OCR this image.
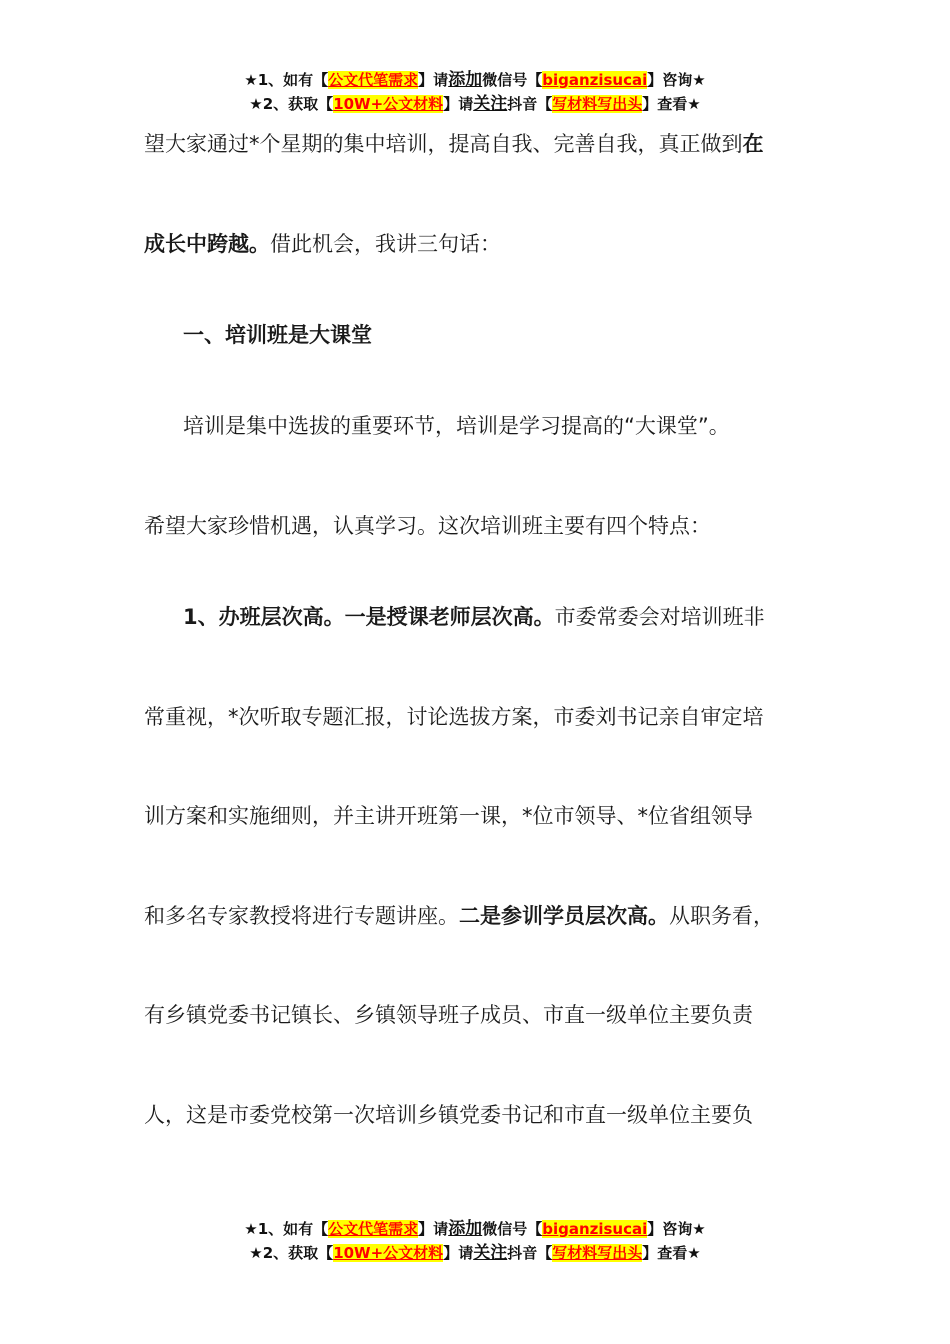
★1、如有【公文代笔需求】请添加微信号【biganzisucai】咨询★
★2、获取【10W+公文材料】请关注抖音【写材料写出头】查看★
望大家通过*个星期的集中培训，提高自我、完善自我，真正做到在
成长中跨越。借此机会，我讲三句话：
一、培训班是大课堂
培训是集中选拔的重要环节，培训是学习提高的“大课堂”。
希望大家珍惜机遇，认真学习。这次培训班主要有四个特点：
1、办班层次高。一是授课老师层次高。市委常委会对培训班非
常重视，*次听取专题汇报，讨论选拔方案，市委刘书记亲自审定培
训方案和实施细则，并主讲开班第一课，*位市领导、*位省组领导
和多名专家教授将进行专题讲座。二是参训学员层次高。从职务看，
有乡镇党委书记镇长、乡镇领导班子成员、市直一级单位主要负责
人，这是市委党校第一次培训乡镇党委书记和市直一级单位主要负
★1、如有【公文代笔需求】请添加微信号【biganzisucai】咨询★
★2、获取【10W+公文材料】请关注抖音【写材料写出头】查看★
